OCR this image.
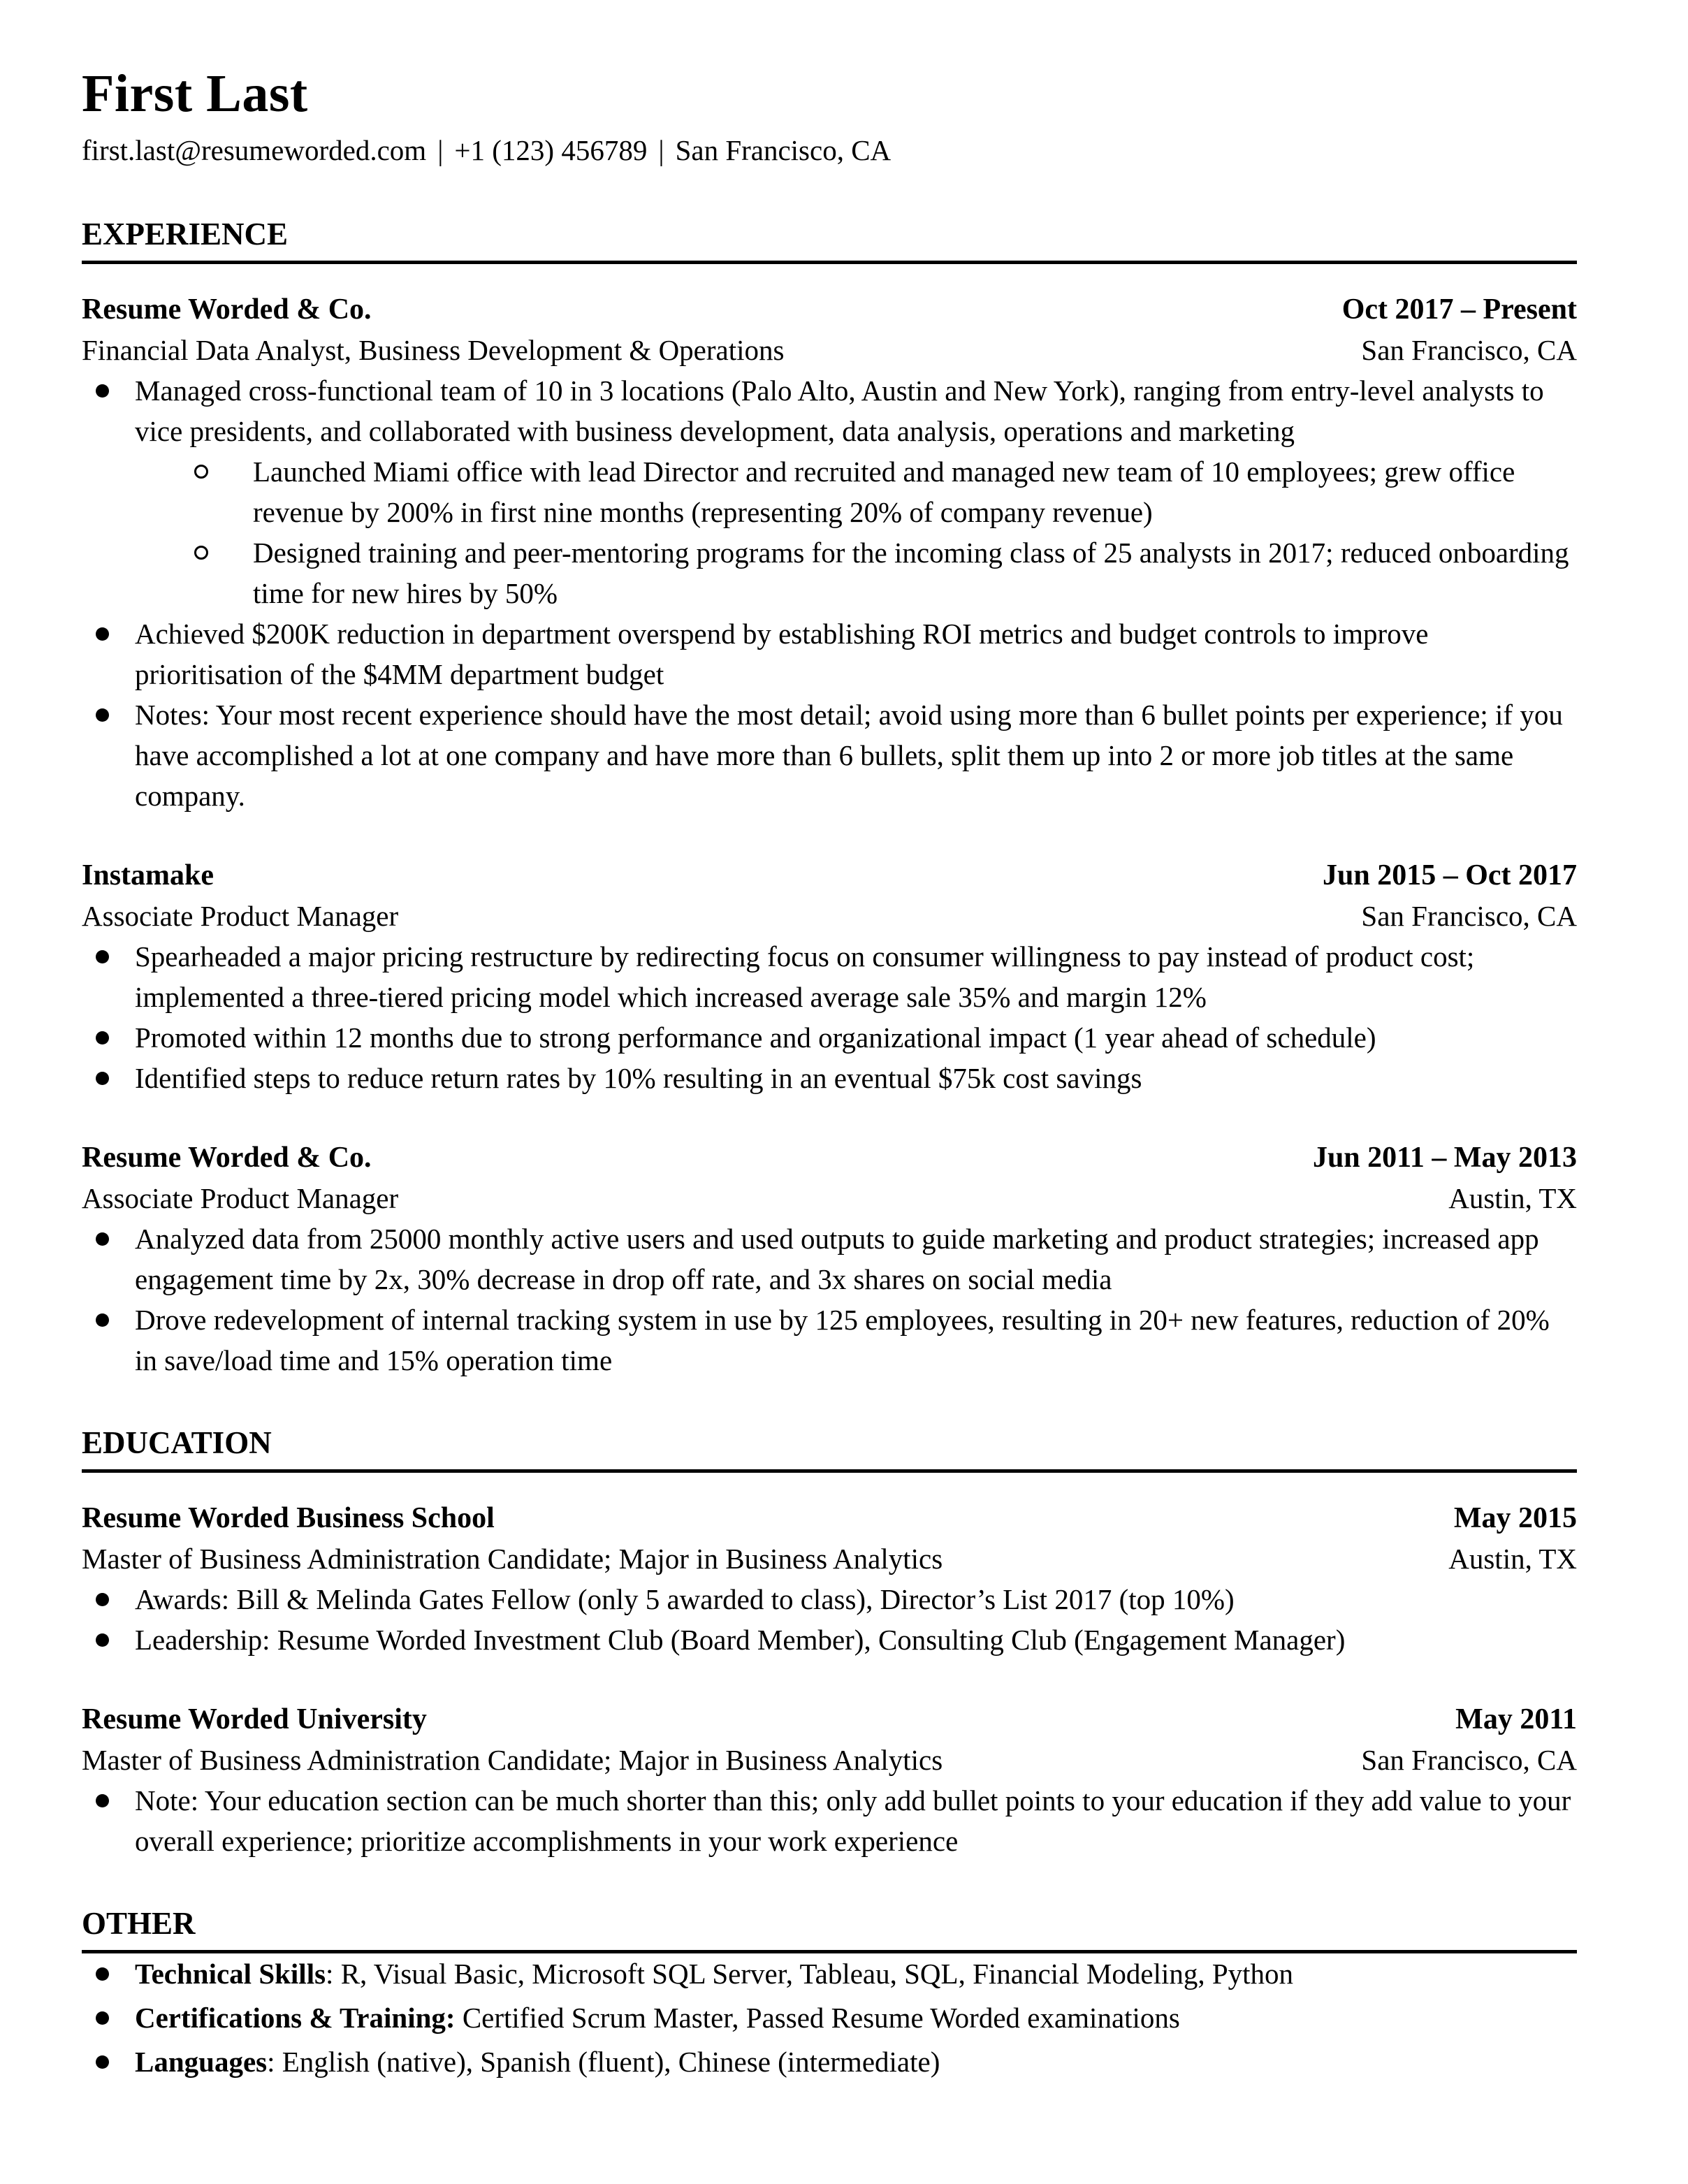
First Last
first.last@resumeworded.com | +1 (123) 456789 | San Francisco, CA
EXPERIENCE
Resume Worded & Co.	Oct 2017 – Present
Financial Data Analyst, Business Development & Operations	San Francisco, CA
Managed cross-functional team of 10 in 3 locations (Palo Alto, Austin and New York), ranging from entry-level analysts to vice presidents, and collaborated with business development, data analysis, operations and marketing
Launched Miami office with lead Director and recruited and managed new team of 10 employees; grew office revenue by 200% in first nine months (representing 20% of company revenue)
Designed training and peer-mentoring programs for the incoming class of 25 analysts in 2017; reduced onboarding time for new hires by 50%
Achieved $200K reduction in department overspend by establishing ROI metrics and budget controls to improve prioritisation of the $4MM department budget
Notes: Your most recent experience should have the most detail; avoid using more than 6 bullet points per experience; if you have accomplished a lot at one company and have more than 6 bullets, split them up into 2 or more job titles at the same company.
Instamake	Jun 2015 – Oct 2017
Associate Product Manager	San Francisco, CA
Spearheaded a major pricing restructure by redirecting focus on consumer willingness to pay instead of product cost; implemented a three-tiered pricing model which increased average sale 35% and margin 12%
Promoted within 12 months due to strong performance and organizational impact (1 year ahead of schedule)
Identified steps to reduce return rates by 10% resulting in an eventual $75k cost savings
Resume Worded & Co.	Jun 2011 – May 2013
Associate Product Manager	Austin, TX
Analyzed data from 25000 monthly active users and used outputs to guide marketing and product strategies; increased app engagement time by 2x, 30% decrease in drop off rate, and 3x shares on social media
Drove redevelopment of internal tracking system in use by 125 employees, resulting in 20+ new features, reduction of 20% in save/load time and 15% operation time
EDUCATION
Resume Worded Business School	May 2015
Master of Business Administration Candidate; Major in Business Analytics	Austin, TX
Awards: Bill & Melinda Gates Fellow (only 5 awarded to class), Director’s List 2017 (top 10%)
Leadership: Resume Worded Investment Club (Board Member), Consulting Club (Engagement Manager)
Resume Worded University	May 2011
Master of Business Administration Candidate; Major in Business Analytics	San Francisco, CA
Note: Your education section can be much shorter than this; only add bullet points to your education if they add value to your overall experience; prioritize accomplishments in your work experience
OTHER
Technical Skills: R, Visual Basic, Microsoft SQL Server, Tableau, SQL, Financial Modeling, Python
Certifications & Training: Certified Scrum Master, Passed Resume Worded examinations
Languages: English (native), Spanish (fluent), Chinese (intermediate)
